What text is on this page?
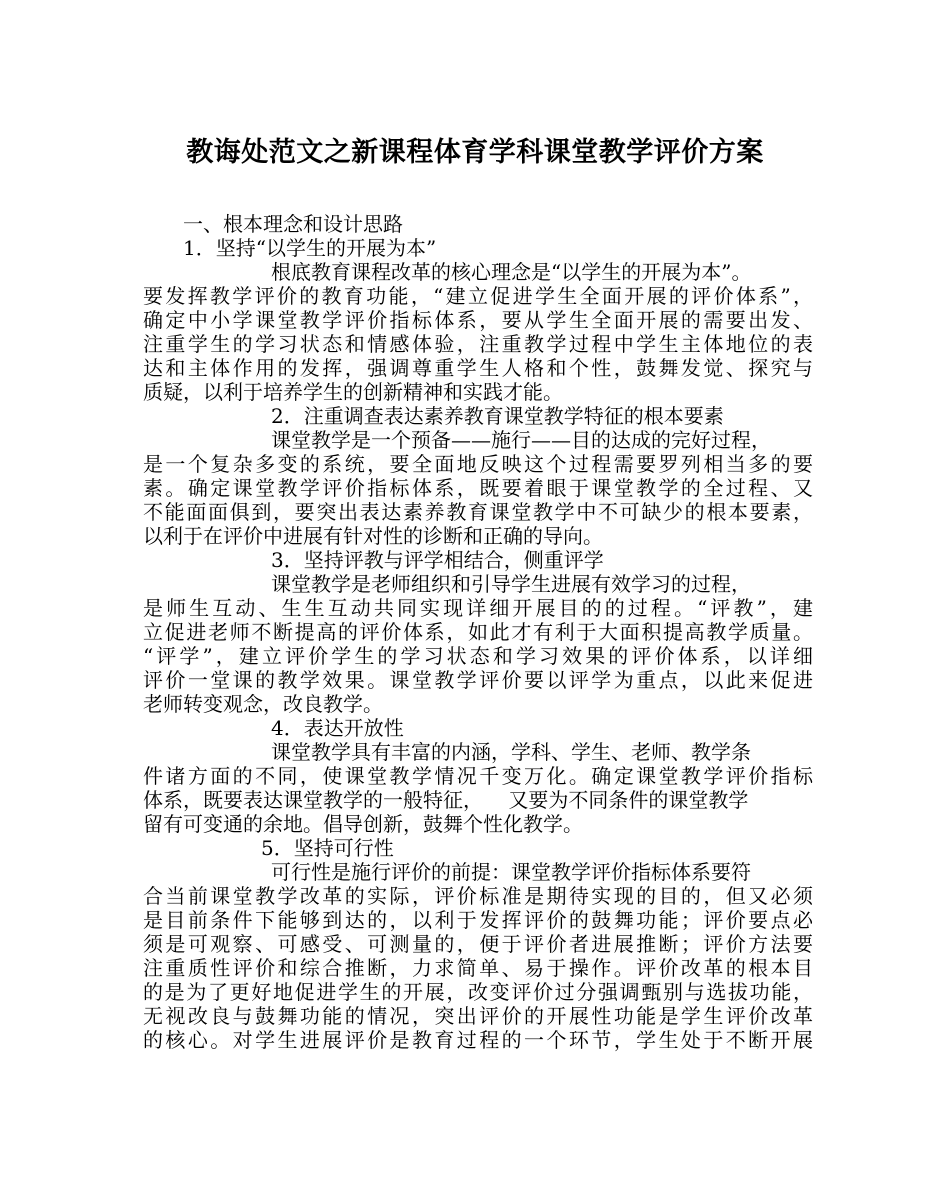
教诲处范文之新课程体育学科课堂教学评价方案
一、根本理念和设计思路
1．坚持“以学生的开展为本”
根底教育课程改革的核心理念是“以学生的开展为本”。
要发挥教学评价的教育功能，“建立促进学生全面开展的评价体系”，
确定中小学课堂教学评价指标体系，要从学生全面开展的需要出发、
注重学生的学习状态和情感体验，注重教学过程中学生主体地位的表
达和主体作用的发挥，强调尊重学生人格和个性，鼓舞发觉、探究与
质疑，以利于培养学生的创新精神和实践才能。
2．注重调查表达素养教育课堂教学特征的根本要素
课堂教学是一个预备——施行——目的达成的完好过程，
是一个复杂多变的系统，要全面地反映这个过程需要罗列相当多的要
素。确定课堂教学评价指标体系，既要着眼于课堂教学的全过程、又
不能面面俱到，要突出表达素养教育课堂教学中不可缺少的根本要素，
以利于在评价中进展有针对性的诊断和正确的导向。
3．坚持评教与评学相结合，侧重评学
课堂教学是老师组织和引导学生进展有效学习的过程，
是师生互动、生生互动共同实现详细开展目的的过程。“评教”，建
立促进老师不断提高的评价体系，如此才有利于大面积提高教学质量。
“评学”，建立评价学生的学习状态和学习效果的评价体系，以详细
评价一堂课的教学效果。课堂教学评价要以评学为重点，以此来促进
老师转变观念，改良教学。
4．表达开放性
课堂教学具有丰富的内涵，学科、学生、老师、教学条
件诸方面的不同，使课堂教学情况千变万化。确定课堂教学评价指标
体系，既要表达课堂教学的一般特征，    又要为不同条件的课堂教学
留有可变通的余地。倡导创新，鼓舞个性化教学。
5．坚持可行性
可行性是施行评价的前提：课堂教学评价指标体系要符
合当前课堂教学改革的实际，评价标准是期待实现的目的，但又必须
是目前条件下能够到达的，以利于发挥评价的鼓舞功能；评价要点必
须是可观察、可感受、可测量的，便于评价者进展推断；评价方法要
注重质性评价和综合推断，力求简单、易于操作。评价改革的根本目
的是为了更好地促进学生的开展，改变评价过分强调甄别与选拔功能，
无视改良与鼓舞功能的情况，突出评价的开展性功能是学生评价改革
的核心。对学生进展评价是教育过程的一个环节，学生处于不断开展
